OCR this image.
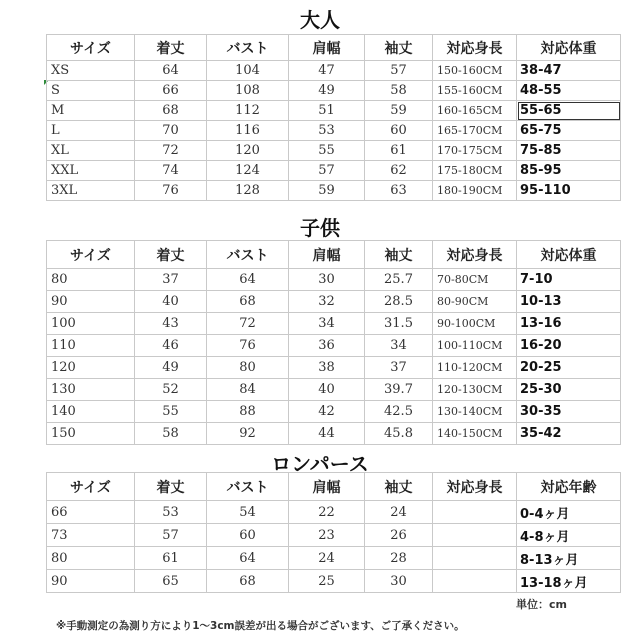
大人
サイズ	着丈	バスト	肩幅	袖丈	対応身長	対応体重
XS	64	104	47	57	150-160CM	38-47
S	66	108	49	58	155-160CM	48-55
M	68	112	51	59	160-165CM	55-65
L	70	116	53	60	165-170CM	65-75
XL	72	120	55	61	170-175CM	75-85
XXL	74	124	57	62	175-180CM	85-95
3XL	76	128	59	63	180-190CM	95-110
子供
サイズ	着丈	バスト	肩幅	袖丈	対応身長	対応体重
80	37	64	30	25.7	70-80CM	7-10
90	40	68	32	28.5	80-90CM	10-13
100	43	72	34	31.5	90-100CM	13-16
110	46	76	36	34	100-110CM	16-20
120	49	80	38	37	110-120CM	20-25
130	52	84	40	39.7	120-130CM	25-30
140	55	88	42	42.5	130-140CM	30-35
150	58	92	44	45.8	140-150CM	35-42
ロンパース
サイズ	着丈	バスト	肩幅	袖丈	対応身長	対応年齢
66	53	54	22	24		0-4ヶ月
73	57	60	23	26		4-8ヶ月
80	61	64	24	28		8-13ヶ月
90	65	68	25	30		13-18ヶ月
単位：cm
※手動測定の為測り方により1〜3cm誤差が出る場合がございます、ご了承ください。
